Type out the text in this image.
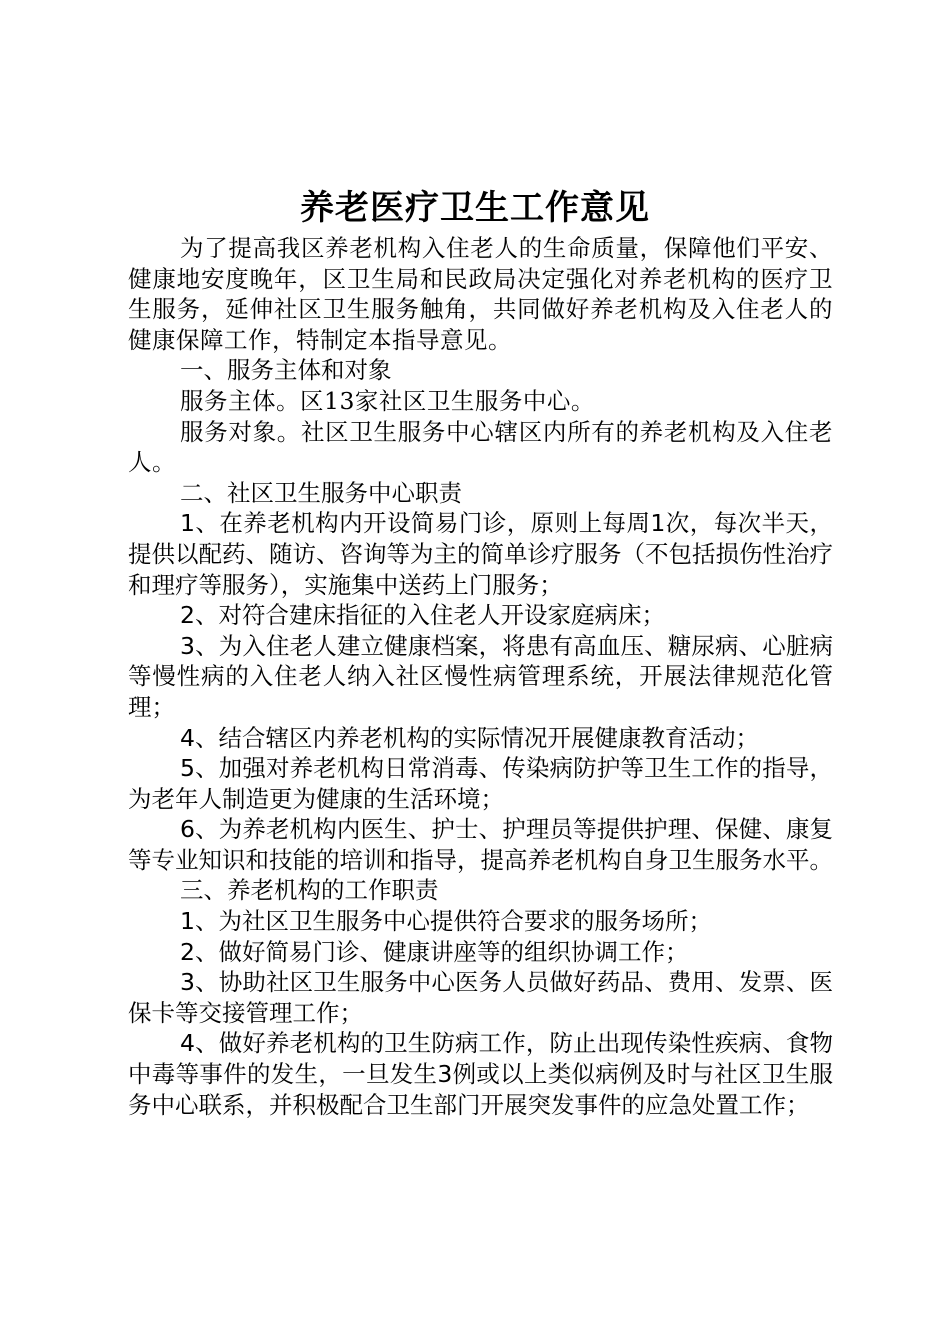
养老医疗卫生工作意见

为了提高我区养老机构入住老人的生命质量，保障他们平安、健康地安度晚年，区卫生局和民政局决定强化对养老机构的医疗卫生服务，延伸社区卫生服务触角，共同做好养老机构及入住老人的健康保障工作，特制定本指导意见。

一、服务主体和对象

服务主体。区13家社区卫生服务中心。

服务对象。社区卫生服务中心辖区内所有的养老机构及入住老人。

二、社区卫生服务中心职责

1、在养老机构内开设简易门诊，原则上每周1次，每次半天，提供以配药、随访、咨询等为主的简单诊疗服务（不包括损伤性治疗和理疗等服务），实施集中送药上门服务；

2、对符合建床指征的入住老人开设家庭病床；

3、为入住老人建立健康档案，将患有高血压、糖尿病、心脏病等慢性病的入住老人纳入社区慢性病管理系统，开展法律规范化管理；

4、结合辖区内养老机构的实际情况开展健康教育活动；

5、加强对养老机构日常消毒、传染病防护等卫生工作的指导，为老年人制造更为健康的生活环境；

6、为养老机构内医生、护士、护理员等提供护理、保健、康复等专业知识和技能的培训和指导，提高养老机构自身卫生服务水平。

三、养老机构的工作职责

1、为社区卫生服务中心提供符合要求的服务场所；

2、做好简易门诊、健康讲座等的组织协调工作；

3、协助社区卫生服务中心医务人员做好药品、费用、发票、医保卡等交接管理工作；

4、做好养老机构的卫生防病工作，防止出现传染性疾病、食物中毒等事件的发生，一旦发生3例或以上类似病例及时与社区卫生服务中心联系，并积极配合卫生部门开展突发事件的应急处置工作；
